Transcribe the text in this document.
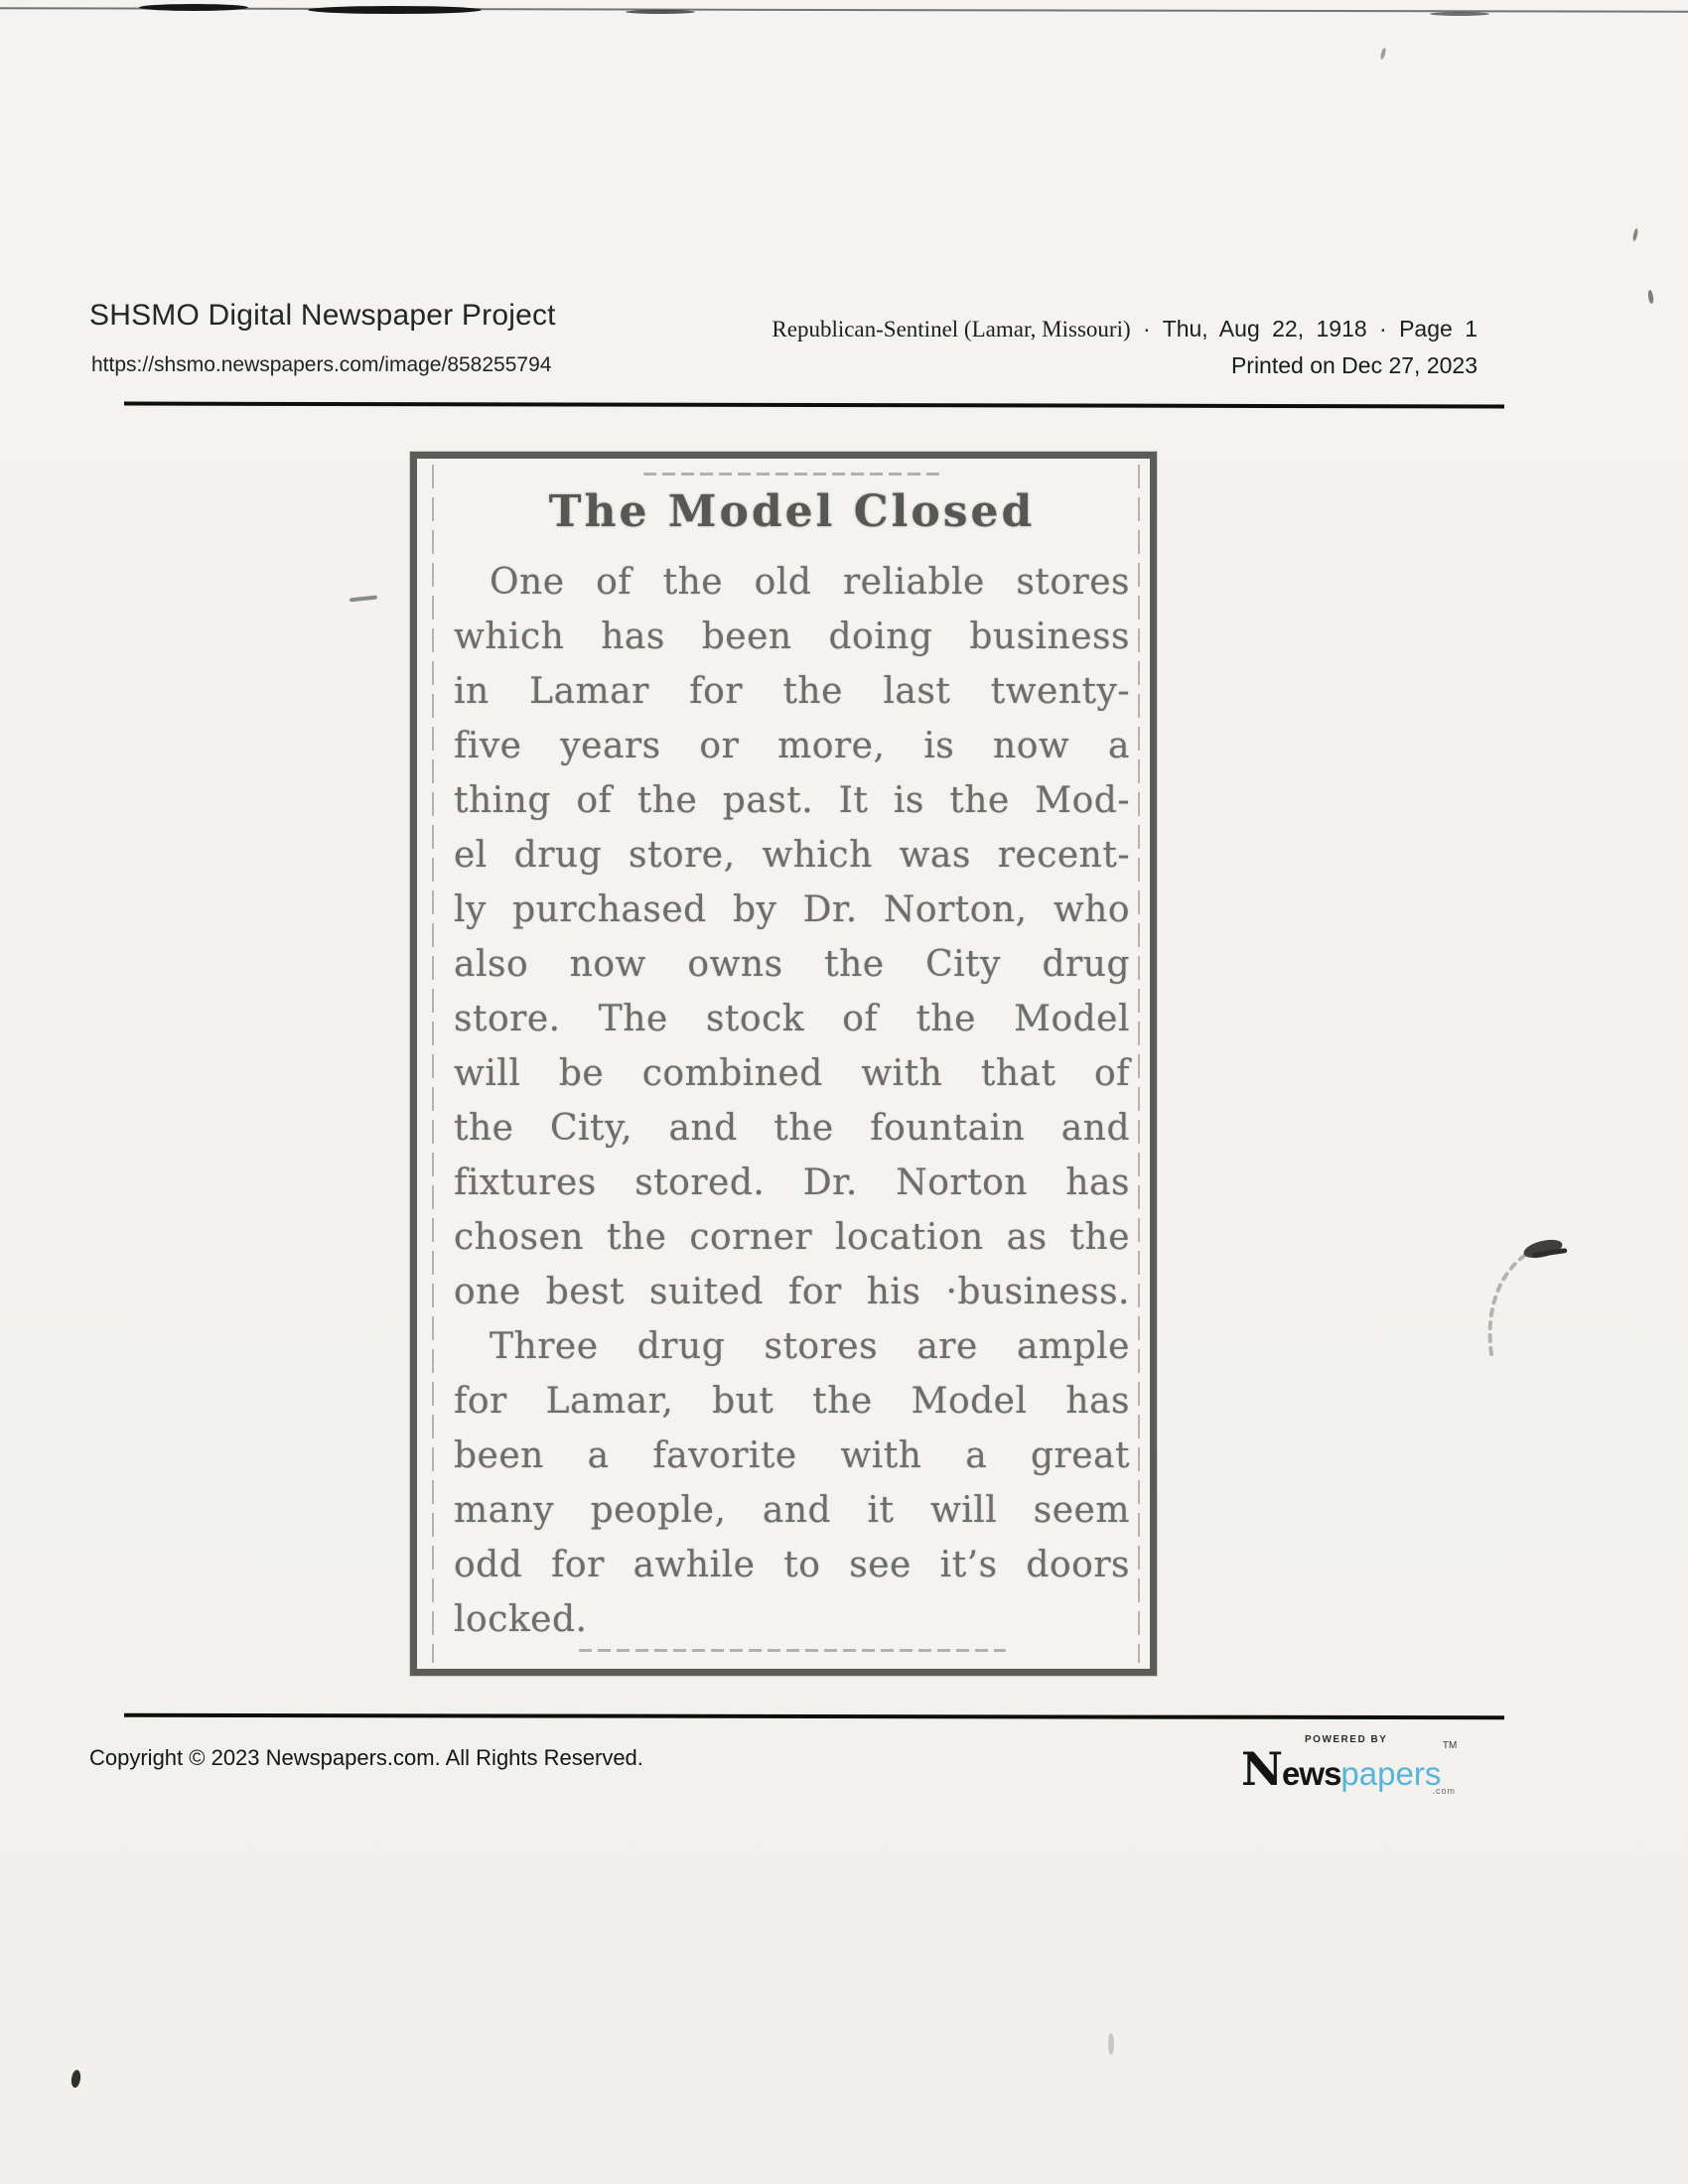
SHSMO Digital Newspaper Project
https://shsmo.newspapers.com/image/858255794
Republican-Sentinel (Lamar, Missouri) · Thu, Aug 22, 1918 · Page 1
Printed on Dec 27, 2023
The Model Closed
One of the old reliable stores
which has been doing business
in Lamar for the last twenty-
five years or more, is now a
thing of the past. It is the Mod-
el drug store, which was recent-
ly purchased by Dr. Norton, who
also now owns the City drug
store. The stock of the Model
will be combined with that of
the City, and the fountain and
fixtures stored. Dr. Norton has
chosen the corner location as the
one best suited for his ·business.
Three drug stores are ample
for Lamar, but the Model has
been a favorite with a great
many people, and it will seem
odd for awhile to see it’s doors
locked.
Copyright © 2023 Newspapers.com. All Rights Reserved.
POWERED BY
Newspapers
TM
.com
